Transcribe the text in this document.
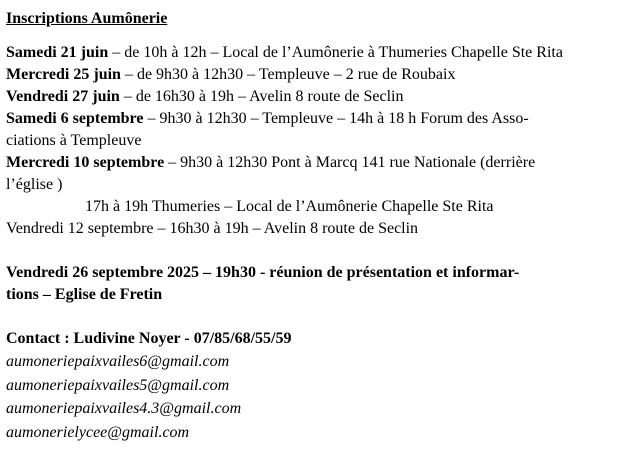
Inscriptions Aumônerie
Samedi 21 juin – de 10h à 12h – Local de l’Aumônerie à Thumeries Chapelle Ste Rita
Mercredi 25 juin – de 9h30 à 12h30 – Templeuve – 2 rue de Roubaix
Vendredi 27 juin – de 16h30 à 19h – Avelin 8 route de Seclin
Samedi 6 septembre – 9h30 à 12h30 – Templeuve – 14h à 18 h Forum des Asso-
ciations à Templeuve
Mercredi 10 septembre – 9h30 à 12h30 Pont à Marcq 141 rue Nationale (derrière
l’église )
17h à 19h Thumeries – Local de l’Aumônerie Chapelle Ste Rita
Vendredi 12 septembre – 16h30 à 19h – Avelin 8 route de Seclin
Vendredi 26 septembre 2025 – 19h30 - réunion de présentation et informar-
tions – Eglise de Fretin
Contact : Ludivine Noyer - 07/85/68/55/59
aumoneriepaixvailes6@gmail.com
aumoneriepaixvailes5@gmail.com
aumoneriepaixvailes4.3@gmail.com
aumonerielycee@gmail.com
